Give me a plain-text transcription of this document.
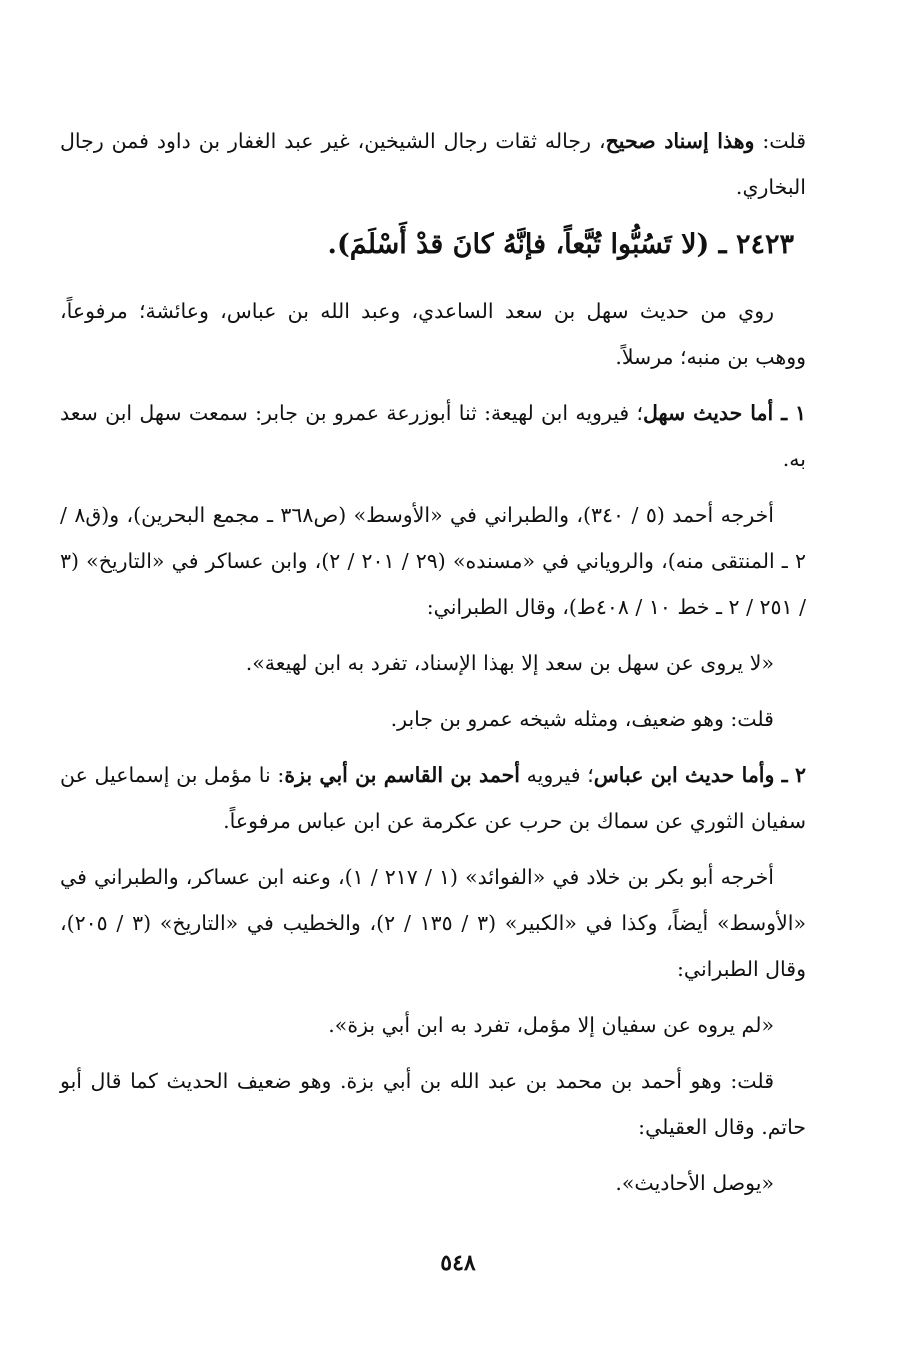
قلت: وهذا إسناد صحيح، رجاله ثقات رجال الشيخين، غير عبد الغفار بن داود فمن رجال البخاري.

٢٤٢٣ ـ (لا تَسُبُّوا تُبَّعاً، فإنَّهُ كانَ قدْ أَسْلَمَ).

روي من حديث سهل بن سعد الساعدي، وعبد الله بن عباس، وعائشة؛ مرفوعاً، ووهب بن منبه؛ مرسلاً.

١ ـ أما حديث سهل؛ فيرويه ابن لهيعة: ثنا أبوزرعة عمرو بن جابر: سمعت سهل ابن سعد به.

أخرجه أحمد (٥ / ٣٤٠)، والطبراني في «الأوسط» (ص٣٦٨ ـ مجمع البحرين)، و(ق٨ / ٢ ـ المنتقى منه)، والروياني في «مسنده» (٢٩ / ٢٠١ / ٢)، وابن عساكر في «التاريخ» (٣ / ٢٥١ / ٢ ـ خط ١٠ / ٤٠٨ط)، وقال الطبراني:

«لا يروى عن سهل بن سعد إلا بهذا الإسناد، تفرد به ابن لهيعة».

قلت: وهو ضعيف، ومثله شيخه عمرو بن جابر.

٢ ـ وأما حديث ابن عباس؛ فيرويه أحمد بن القاسم بن أبي بزة: نا مؤمل بن إسماعيل عن سفيان الثوري عن سماك بن حرب عن عكرمة عن ابن عباس مرفوعاً.

أخرجه أبو بكر بن خلاد في «الفوائد» (١ / ٢١٧ / ١)، وعنه ابن عساكر، والطبراني في «الأوسط» أيضاً، وكذا في «الكبير» (٣ / ١٣٥ / ٢)، والخطيب في «التاريخ» (٣ / ٢٠٥)، وقال الطبراني:

«لم يروه عن سفيان إلا مؤمل، تفرد به ابن أبي بزة».

قلت: وهو أحمد بن محمد بن عبد الله بن أبي بزة. وهو ضعيف الحديث كما قال أبو حاتم. وقال العقيلي:

«يوصل الأحاديث».

٥٤٨
